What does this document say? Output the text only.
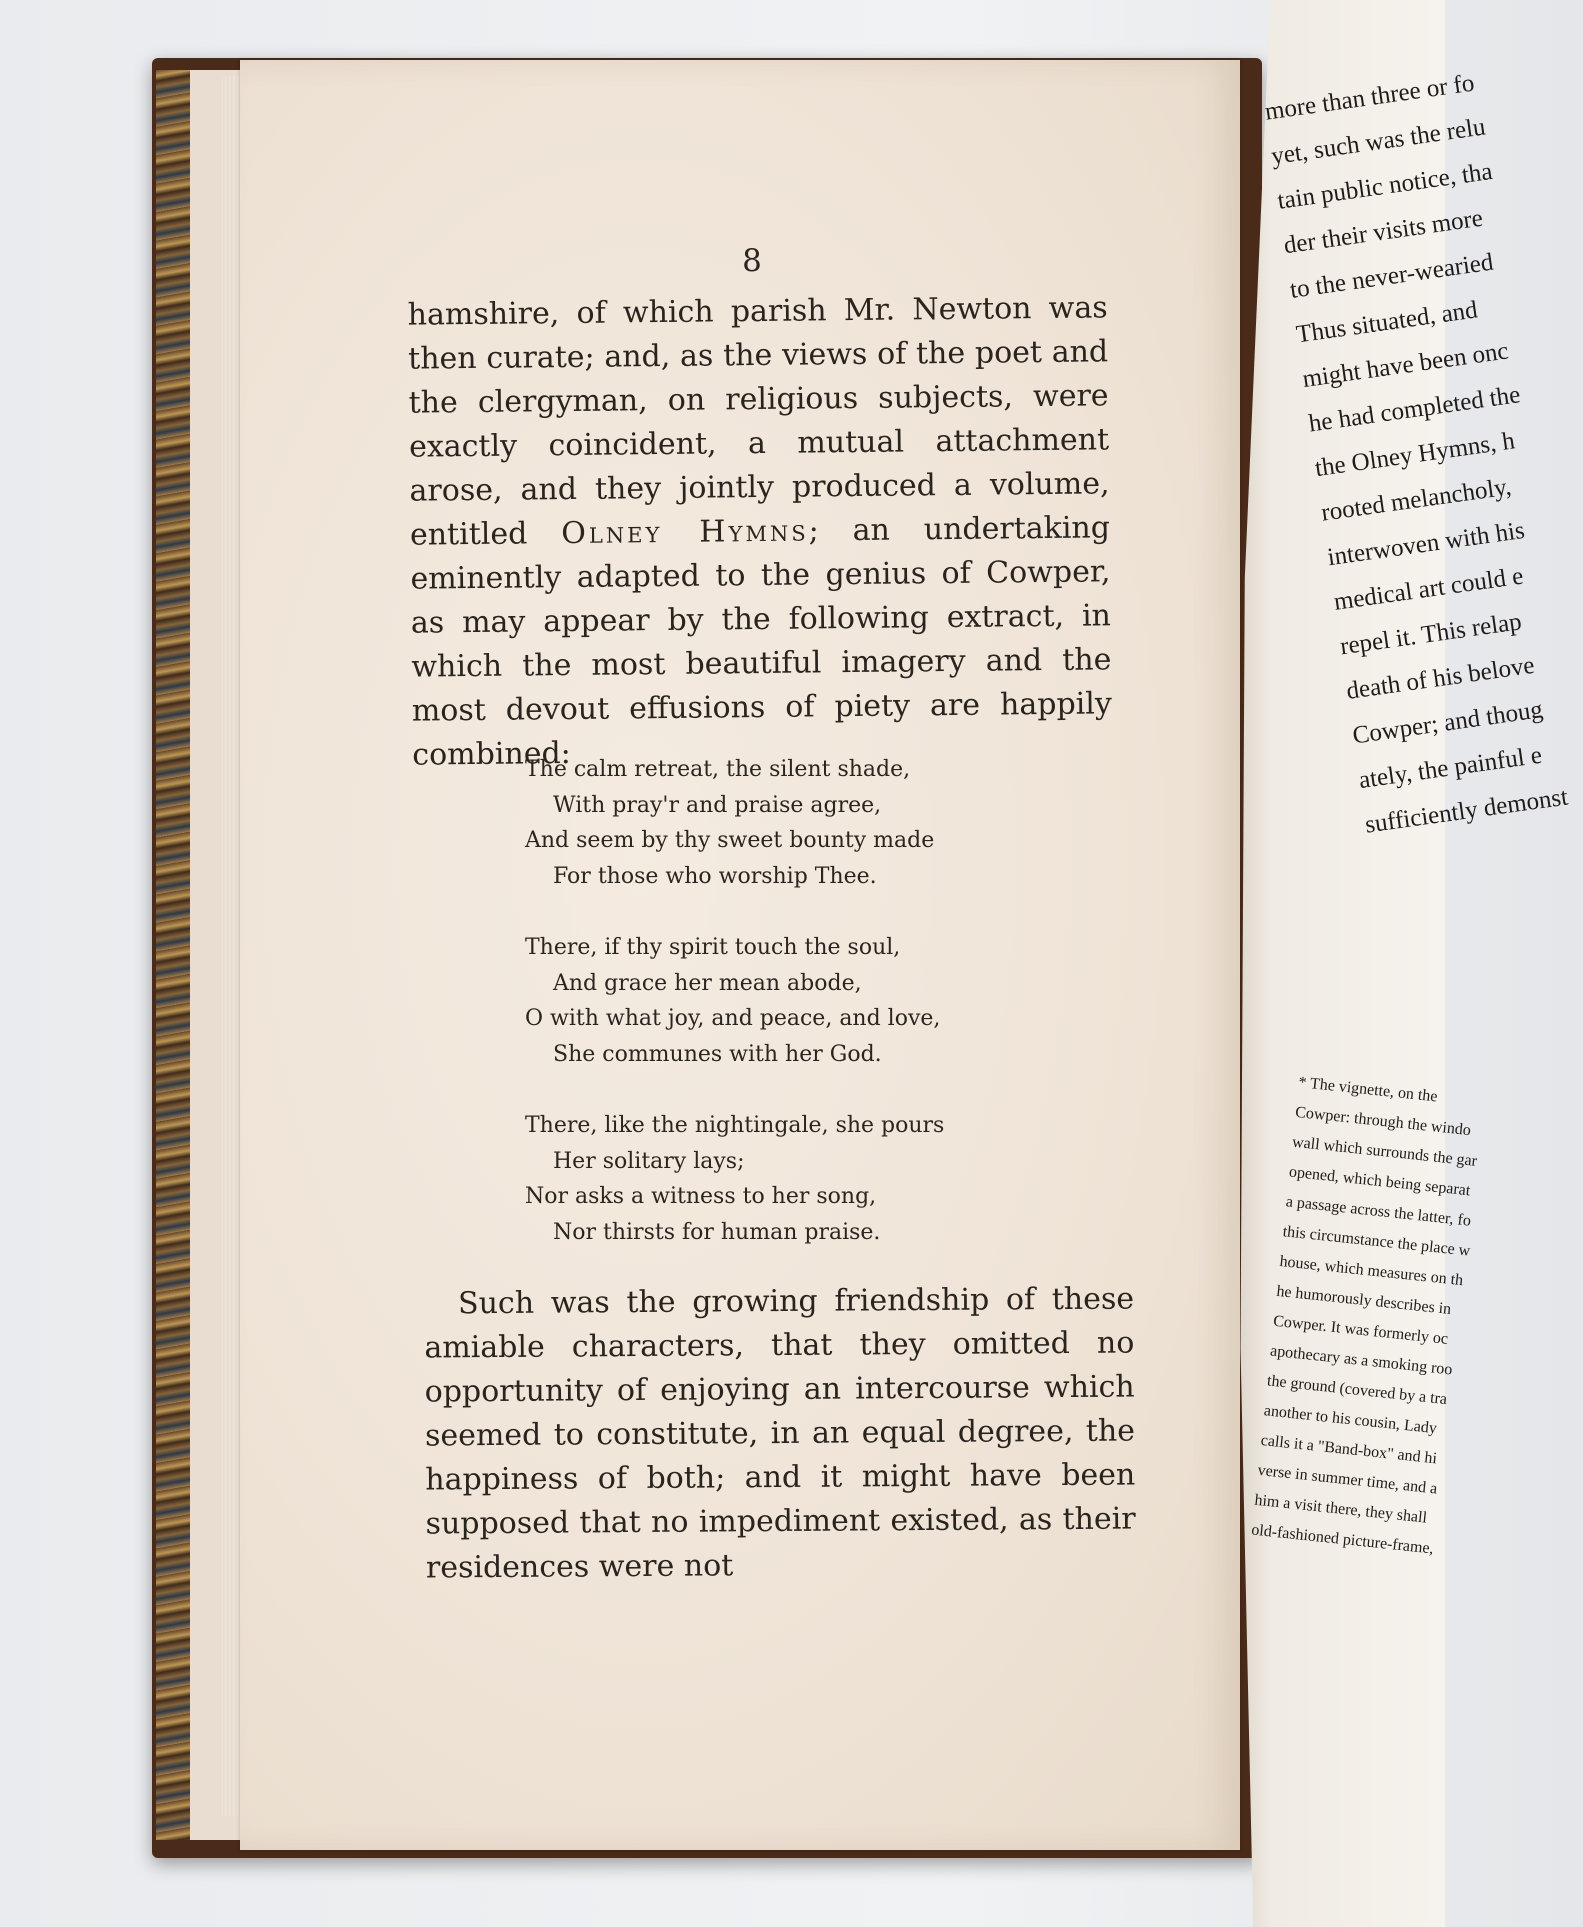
8

hamshire, of which parish Mr. Newton was then curate; and, as the views of the poet and the clergyman, on religious subjects, were exactly coincident, a mutual attachment arose, and they jointly produced a volume, entitled Olney Hymns; an undertaking eminently adapted to the genius of Cowper, as may appear by the following extract, in which the most beautiful imagery and the most devout effusions of piety are happily combined:

The calm retreat, the silent shade,
With pray'r and praise agree,
And seem by thy sweet bounty made
For those who worship Thee.
There, if thy spirit touch the soul,
And grace her mean abode,
O with what joy, and peace, and love,
She communes with her God.
There, like the nightingale, she pours
Her solitary lays;
Nor asks a witness to her song,
Nor thirsts for human praise.

Such was the growing friendship of these amiable characters, that they omitted no opportunity of enjoying an intercourse which seemed to constitute, in an equal degree, the happiness of both; and it might have been supposed that no impediment existed, as their residences were not

more than three or fo
yet, such was the relu
tain public notice, tha
der their visits more
to the never-wearied
Thus situated, and
might have been onc
he had completed the
the Olney Hymns, h
rooted melancholy,
interwoven with his
medical art could e
repel it. This relap
death of his belove
Cowper; and thoug
ately, the painful e
sufficiently demonst
* The vignette, on the
Cowper: through the windo
wall which surrounds the gar
opened, which being separat
a passage across the latter, fo
this circumstance the place w
house, which measures on th
he humorously describes in
Cowper. It was formerly oc
apothecary as a smoking roo
the ground (covered by a tra
another to his cousin, Lady
calls it a "Band-box" and hi
verse in summer time, and a
him a visit there, they shall
old-fashioned picture-frame,
